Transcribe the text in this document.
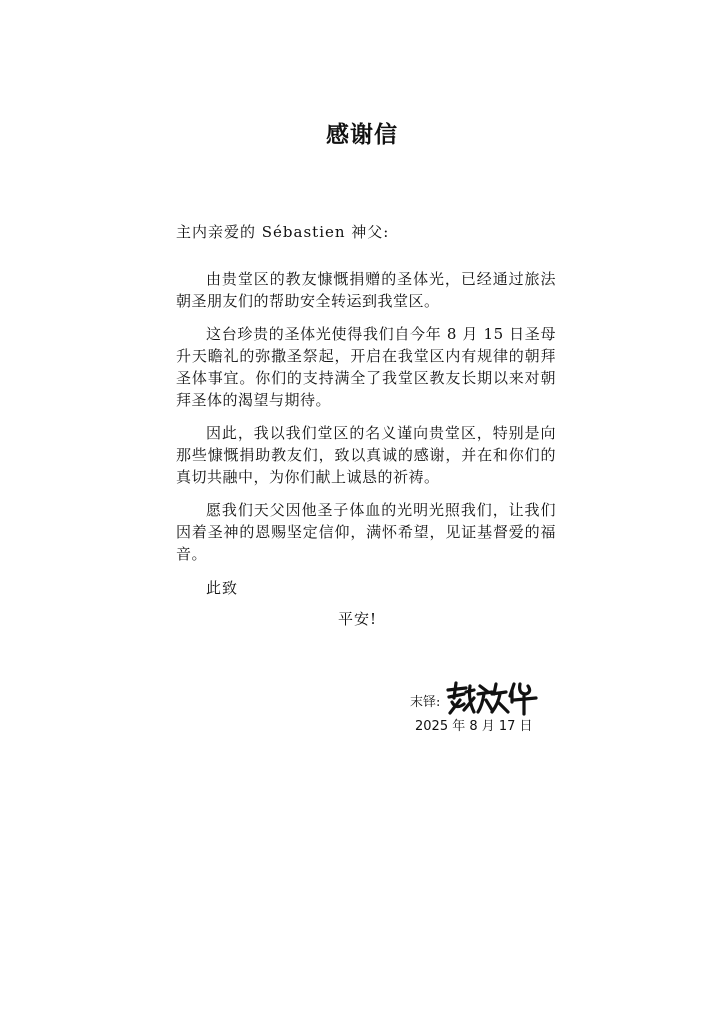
感谢信
主内亲爱的 Sébastien 神父:

由贵堂区的教友慷慨捐赠的圣体光，已经通过旅法朝圣朋友们的帮助安全转运到我堂区。

这台珍贵的圣体光使得我们自今年 8 月 15 日圣母升天瞻礼的弥撒圣祭起，开启在我堂区内有规律的朝拜圣体事宜。你们的支持满全了我堂区教友长期以来对朝拜圣体的渴望与期待。

因此，我以我们堂区的名义谨向贵堂区，特别是向那些慷慨捐助教友们，致以真诚的感谢，并在和你们的真切共融中，为你们献上诚恳的祈祷。

愿我们天父因他圣子体血的光明光照我们，让我们因着圣神的恩赐坚定信仰，满怀希望，见证基督爱的福音。

此致
平安!
末铎:
2025 年 8 月 17 日
